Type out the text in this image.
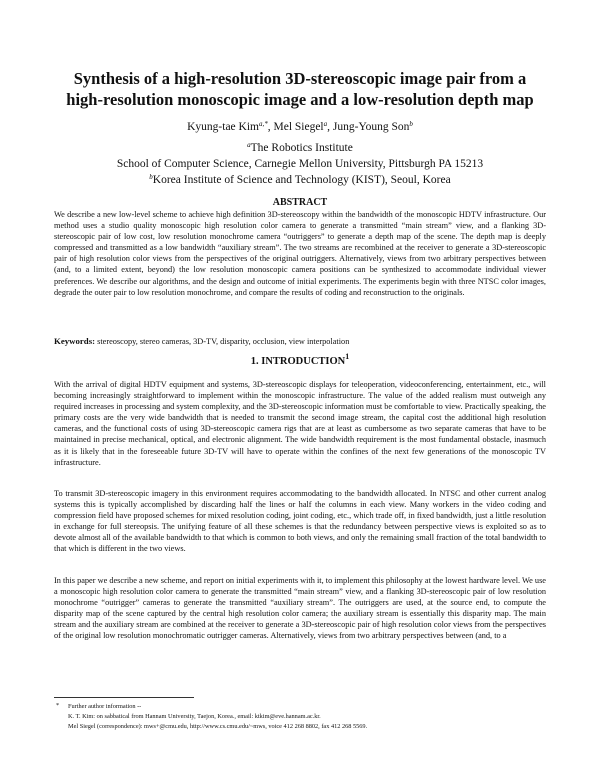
Synthesis of a high-resolution 3D-stereoscopic image pair from a
high-resolution monoscopic image and a low-resolution depth map
Kyung-tae Kim$^{a,*}$, Mel Siegel$^a$, Jung-Young Son$^b$
$^a$The Robotics Institute
School of Computer Science, Carnegie Mellon University, Pittsburgh PA 15213
$^b$Korea Institute of Science and Technology (KIST), Seoul, Korea
ABSTRACT

We describe a new low-level scheme to achieve high definition 3D-stereoscopy within the bandwidth of the monoscopic HDTV infrastructure. Our method uses a studio quality monoscopic high resolution color camera to generate a transmitted “main stream” view, and a flanking 3D-stereoscopic pair of low cost, low resolution monochrome camera “outriggers” to generate a depth map of the scene. The depth map is deeply compressed and transmitted as a low bandwidth “auxiliary stream”. The two streams are recombined at the receiver to generate a 3D-stereoscopic pair of high resolution color views from the perspectives of the original outriggers. Alternatively, views from two arbitrary perspectives between (and, to a limited extent, beyond) the low resolution monoscopic camera positions can be synthesized to accommodate individual viewer preferences. We describe our algorithms, and the design and outcome of initial experiments. The experiments begin with three NTSC color images, degrade the outer pair to low resolution monochrome, and compare the results of coding and reconstruction to the originals.

Keywords: stereoscopy, stereo cameras, 3D-TV, disparity, occlusion, view interpolation
1. INTRODUCTION$^1$

With the arrival of digital HDTV equipment and systems, 3D-stereoscopic displays for teleoperation, videoconferencing, entertainment, etc., will becoming increasingly straightforward to implement within the monoscopic infrastructure. The value of the added realism must outweigh any required increases in processing and system complexity, and the 3D-stereoscopic information must be comfortable to view. Practically speaking, the primary costs are the very wide bandwidth that is needed to transmit the second image stream, the capital cost the additional high resolution cameras, and the functional costs of using 3D-stereoscopic camera rigs that are at least as cumbersome as two separate cameras that have to be maintained in precise mechanical, optical, and electronic alignment. The wide bandwidth requirement is the most fundamental obstacle, inasmuch as it is likely that in the foreseeable future 3D-TV will have to operate within the confines of the next few generations of the monoscopic TV infrastructure.

To transmit 3D-stereoscopic imagery in this environment requires accommodating to the bandwidth allocated. In NTSC and other current analog systems this is typically accomplished by discarding half the lines or half the columns in each view. Many workers in the video coding and compression field have proposed schemes for mixed resolution coding, joint coding, etc., which trade off, in fixed bandwidth, just a little resolution in exchange for full stereopsis. The unifying feature of all these schemes is that the redundancy between perspective views is exploited so as to devote almost all of the available bandwidth to that which is common to both views, and only the remaining small fraction of the total bandwidth to that which is different in the two views.

In this paper we describe a new scheme, and report on initial experiments with it, to implement this philosophy at the lowest hardware level. We use a monoscopic high resolution color camera to generate the transmitted “main stream” view, and a flanking 3D-stereoscopic pair of low resolution monochrome “outrigger” cameras to generate the transmitted “auxiliary stream”. The outriggers are used, at the source end, to compute the disparity map of the scene captured by the central high resolution color camera; the auxiliary stream is essentially this disparity map. The main stream and the auxiliary stream are combined at the receiver to generate a 3D-stereoscopic pair of high resolution color views from the perspectives of the original low resolution monochromatic outrigger cameras. Alternatively, views from two arbitrary perspectives between (and, to a

* Further author information --
K. T. Kim: on sabbatical from Hannam University, Taejon, Korea., email: ktkim@eve.hannam.ac.kr.
Mel Siegel (correspondence): mws+@cmu.edu, http://www.cs.cmu.edu/~mws, voice 412 268 8802, fax 412 268 5569.
